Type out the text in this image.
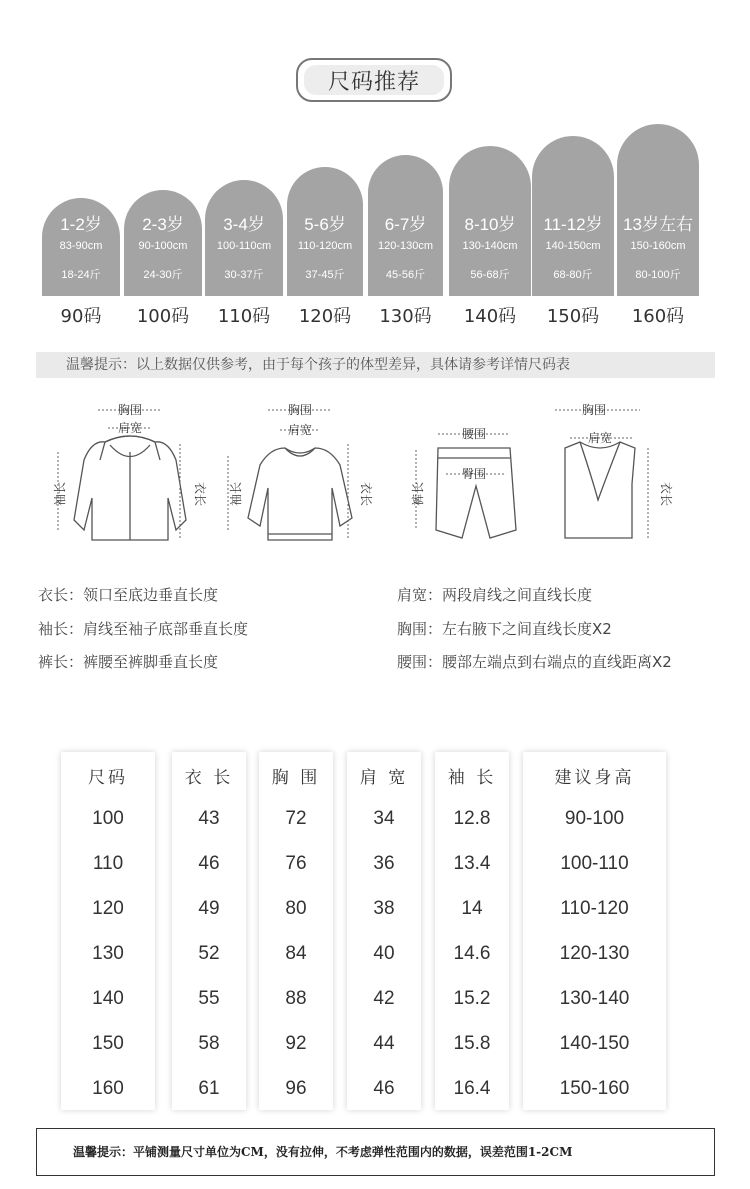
尺码推荐
1-2岁
83-90cm
18-24斤
90码
2-3岁
90-100cm
24-30斤
100码
3-4岁
100-110cm
30-37斤
110码
5-6岁
110-120cm
37-45斤
120码
6-7岁
120-130cm
45-56斤
130码
8-10岁
130-140cm
56-68斤
140码
11-12岁
140-150cm
68-80斤
150码
13岁左右
150-160cm
80-100斤
160码
温馨提示：以上数据仅供参考，由于每个孩子的体型差异，具体请参考详情尺码表
胸围
肩宽
袖长	衣长
胸围
肩宽
袖长	衣长
腰围
臀围
裤长
胸围
肩宽
衣长
衣长：领口至底边垂直长度
袖长：肩线至袖子底部垂直长度
裤长：裤腰至裤脚垂直长度
肩宽：两段肩线之间直线长度
胸围：左右腋下之间直线长度X2
腰围：腰部左端点到右端点的直线距离X2
尺码
100
110
120
130
140
150
160
衣 长
43
46
49
52
55
58
61
胸 围
72
76
80
84
88
92
96
肩 宽
34
36
38
40
42
44
46
袖 长
12.8
13.4
14
14.6
15.2
15.8
16.4
建议身高
90-100
100-110
110-120
120-130
130-140
140-150
150-160
温馨提示：平铺测量尺寸单位为CM，没有拉伸，不考虑弹性范围内的数据，误差范围1-2CM
